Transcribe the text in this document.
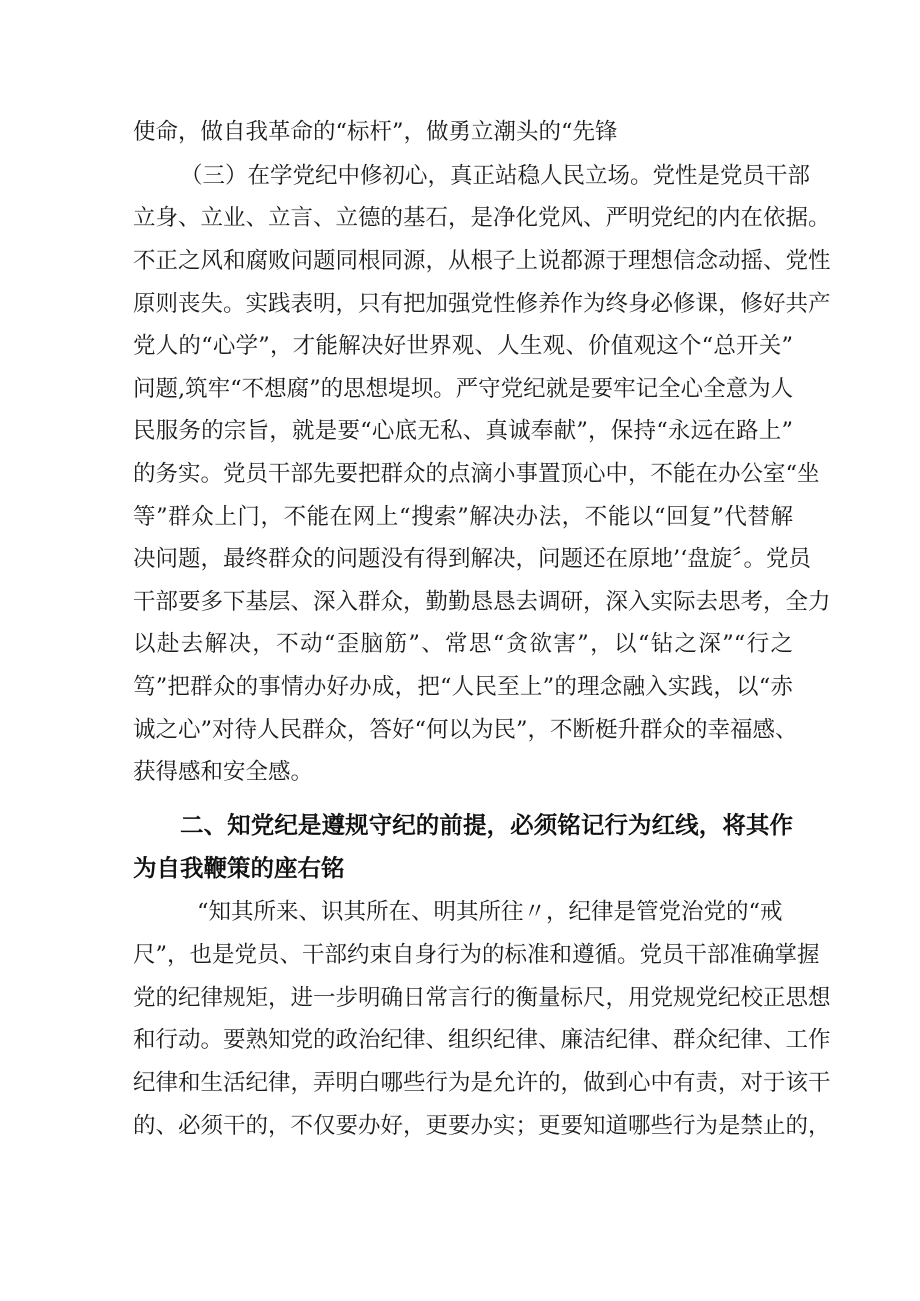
使命，做自我革命的“标杆”，做勇立潮头的“先锋
（三）在学党纪中修初心，真正站稳人民立场。党性是党员干部
立身、立业、立言、立德的基石，是净化党风、严明党纪的内在依据。
不正之风和腐败问题同根同源，从根子上说都源于理想信念动摇、党性
原则丧失。实践表明，只有把加强党性修养作为终身必修课，修好共产
党人的“心学”，才能解决好世界观、人生观、价值观这个“总开关”
问题,筑牢“不想腐”的思想堤坝。严守党纪就是要牢记全心全意为人
民服务的宗旨，就是要“心底无私、真诚奉献”，保持“永远在路上”
的务实。党员干部先要把群众的点滴小事置顶心中，不能在办公室“坐
等”群众上门，不能在网上“搜索”解决办法，不能以“回复”代替解
决问题，最终群众的问题没有得到解决，问题还在原地’‘盘旋〞。党员
干部要多下基层、深入群众，勤勤恳恳去调研，深入实际去思考，全力
以赴去解决，不动“歪脑筋”、常思“贪欲害”，以“钻之深”“行之
笃”把群众的事情办好办成，把“人民至上”的理念融入实践，以“赤
诚之心”对待人民群众，答好“何以为民”，不断梃升群众的幸福感、
获得感和安全感。
二、知党纪是遵规守纪的前提，必须铭记行为红线，将其作
为自我鞭策的座右铭
“知其所来、识其所在、明其所往〃，纪律是管党治党的“戒
尺”，也是党员、干部约束自身行为的标准和遵循。党员干部准确掌握
党的纪律规矩，进一步明确日常言行的衡量标尺，用党规党纪校正思想
和行动。要熟知党的政治纪律、组织纪律、廉洁纪律、群众纪律、工作
纪律和生活纪律，弄明白哪些行为是允许的，做到心中有责，对于该干
的、必须干的，不仅要办好，更要办实；更要知道哪些行为是禁止的，
